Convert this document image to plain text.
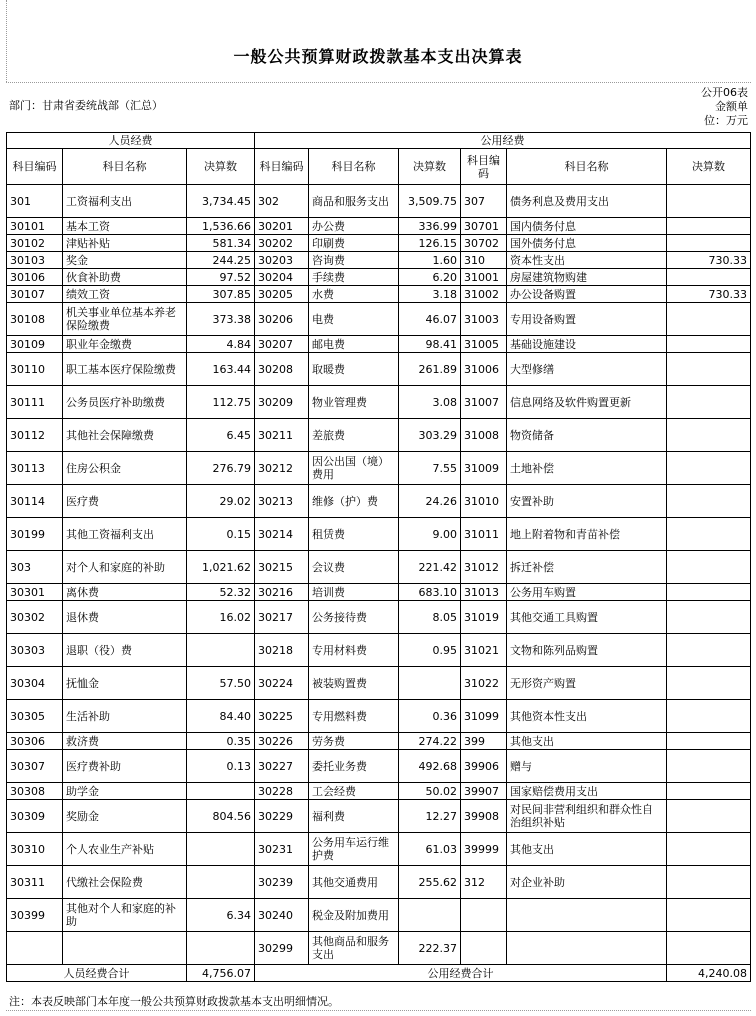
一般公共预算财政拨款基本支出决算表
公开06表
部门：甘肃省委统战部（汇总）	金额单位：万元
人员经费			公用经费					
科目编码	科目名称	决算数	科目编码	科目名称	决算数	科目编码	科目名称	决算数
301	工资福利支出	3,734.45	302	商品和服务支出	3,509.75	307	债务利息及费用支出	
30101	基本工资	1,536.66	30201	办公费	336.99	30701	国内债务付息	
30102	津贴补贴	581.34	30202	印刷费	126.15	30702	国外债务付息	
30103	奖金	244.25	30203	咨询费	1.60	310	资本性支出	730.33
30106	伙食补助费	97.52	30204	手续费	6.20	31001	房屋建筑物购建	
30107	绩效工资	307.85	30205	水费	3.18	31002	办公设备购置	730.33
30108	机关事业单位基本养老保险缴费	373.38	30206	电费	46.07	31003	专用设备购置	
30109	职业年金缴费	4.84	30207	邮电费	98.41	31005	基础设施建设	
30110	职工基本医疗保险缴费	163.44	30208	取暖费	261.89	31006	大型修缮	
30111	公务员医疗补助缴费	112.75	30209	物业管理费	3.08	31007	信息网络及软件购置更新	
30112	其他社会保障缴费	6.45	30211	差旅费	303.29	31008	物资储备	
30113	住房公积金	276.79	30212	因公出国（境）费用	7.55	31009	土地补偿	
30114	医疗费	29.02	30213	维修（护）费	24.26	31010	安置补助	
30199	其他工资福利支出	0.15	30214	租赁费	9.00	31011	地上附着物和青苗补偿	
303	对个人和家庭的补助	1,021.62	30215	会议费	221.42	31012	拆迁补偿	
30301	离休费	52.32	30216	培训费	683.10	31013	公务用车购置	
30302	退休费	16.02	30217	公务接待费	8.05	31019	其他交通工具购置	
30303	退职（役）费		30218	专用材料费	0.95	31021	文物和陈列品购置	
30304	抚恤金	57.50	30224	被装购置费		31022	无形资产购置	
30305	生活补助	84.40	30225	专用燃料费	0.36	31099	其他资本性支出	
30306	救济费	0.35	30226	劳务费	274.22	399	其他支出	
30307	医疗费补助	0.13	30227	委托业务费	492.68	39906	赠与	
30308	助学金		30228	工会经费	50.02	39907	国家赔偿费用支出	
30309	奖励金	804.56	30229	福利费	12.27	39908	对民间非营利组织和群众性自治组织补贴	
30310	个人农业生产补贴		30231	公务用车运行维护费	61.03	39999	其他支出	
30311	代缴社会保险费		30239	其他交通费用	255.62	312	对企业补助	
30399	其他对个人和家庭的补助	6.34	30240	税金及附加费用				
			30299	其他商品和服务支出	222.37			
人员经费合计		4,756.07	公用经费合计					4,240.08
注：本表反映部门本年度一般公共预算财政拨款基本支出明细情况。
